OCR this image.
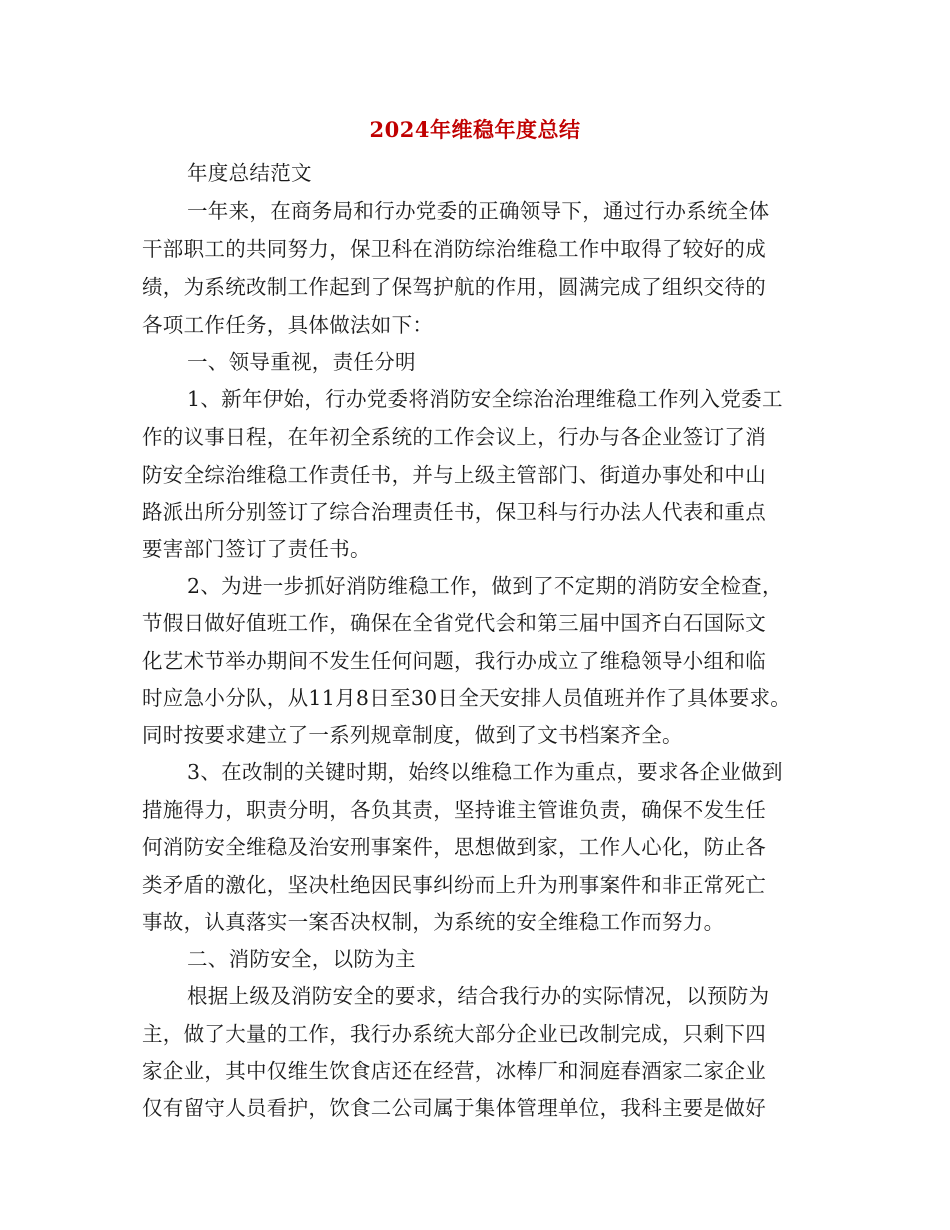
2024年维稳年度总结
年度总结范文
一年来，在商务局和行办党委的正确领导下，通过行办系统全体
干部职工的共同努力，保卫科在消防综治维稳工作中取得了较好的成
绩，为系统改制工作起到了保驾护航的作用，圆满完成了组织交待的
各项工作任务，具体做法如下：
一、领导重视，责任分明
1、新年伊始，行办党委将消防安全综治治理维稳工作列入党委工
作的议事日程，在年初全系统的工作会议上，行办与各企业签订了消
防安全综治维稳工作责任书，并与上级主管部门、街道办事处和中山
路派出所分别签订了综合治理责任书，保卫科与行办法人代表和重点
要害部门签订了责任书。
2、为进一步抓好消防维稳工作，做到了不定期的消防安全检查，
节假日做好值班工作，确保在全省党代会和第三届中国齐白石国际文
化艺术节举办期间不发生任何问题，我行办成立了维稳领导小组和临
时应急小分队，从11月8日至30日全天安排人员值班并作了具体要求。
同时按要求建立了一系列规章制度，做到了文书档案齐全。
3、在改制的关键时期，始终以维稳工作为重点，要求各企业做到
措施得力，职责分明，各负其责，坚持谁主管谁负责，确保不发生任
何消防安全维稳及治安刑事案件，思想做到家，工作人心化，防止各
类矛盾的激化，坚决杜绝因民事纠纷而上升为刑事案件和非正常死亡
事故，认真落实一案否决权制，为系统的安全维稳工作而努力。
二、消防安全，以防为主
根据上级及消防安全的要求，结合我行办的实际情况，以预防为
主，做了大量的工作，我行办系统大部分企业已改制完成，只剩下四
家企业，其中仅维生饮食店还在经营，冰棒厂和洞庭春酒家二家企业
仅有留守人员看护，饮食二公司属于集体管理单位，我科主要是做好
